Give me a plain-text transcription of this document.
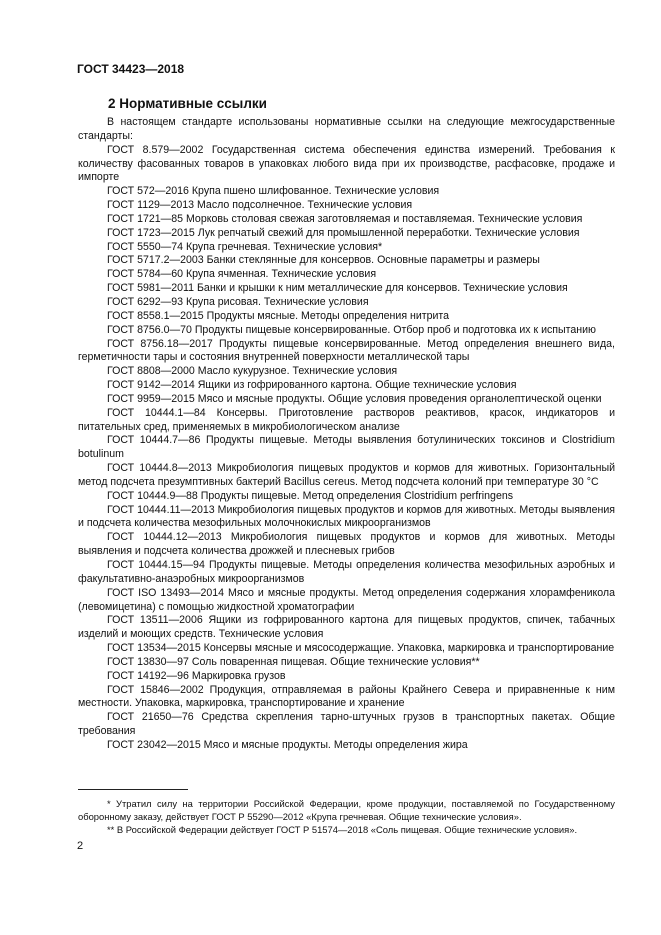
ГОСТ 34423—2018
2 Нормативные ссылки

В настоящем стандарте использованы нормативные ссылки на следующие межгосударственные стандарты:

ГОСТ 8.579—2002 Государственная система обеспечения единства измерений. Требования к количеству фасованных товаров в упаковках любого вида при их производстве, расфасовке, продаже и импорте

ГОСТ 572—2016 Крупа пшено шлифованное. Технические условия

ГОСТ 1129—2013 Масло подсолнечное. Технические условия

ГОСТ 1721—85 Морковь столовая свежая заготовляемая и поставляемая. Технические условия

ГОСТ 1723—2015 Лук репчатый свежий для промышленной переработки. Технические условия

ГОСТ 5550—74 Крупа гречневая. Технические условия*

ГОСТ 5717.2—2003 Банки стеклянные для консервов. Основные параметры и размеры

ГОСТ 5784—60 Крупа ячменная. Технические условия

ГОСТ 5981—2011 Банки и крышки к ним металлические для консервов. Технические условия

ГОСТ 6292—93 Крупа рисовая. Технические условия

ГОСТ 8558.1—2015 Продукты мясные. Методы определения нитрита

ГОСТ 8756.0—70 Продукты пищевые консервированные. Отбор проб и подготовка их к испытанию

ГОСТ 8756.18—2017 Продукты пищевые консервированные. Метод определения внешнего вида, герметичности тары и состояния внутренней поверхности металлической тары

ГОСТ 8808—2000 Масло кукурузное. Технические условия

ГОСТ 9142—2014 Ящики из гофрированного картона. Общие технические условия

ГОСТ 9959—2015 Мясо и мясные продукты. Общие условия проведения органолептической оценки

ГОСТ 10444.1—84 Консервы. Приготовление растворов реактивов, красок, индикаторов и питательных сред, применяемых в микробиологическом анализе

ГОСТ 10444.7—86 Продукты пищевые. Методы выявления ботулинических токсинов и Clostridium botulinum

ГОСТ 10444.8—2013 Микробиология пищевых продуктов и кормов для животных. Горизонтальный метод подсчета презумптивных бактерий Bacillus cereus. Метод подсчета колоний при температуре 30 °С

ГОСТ 10444.9—88 Продукты пищевые. Метод определения Clostridium perfringens

ГОСТ 10444.11—2013 Микробиология пищевых продуктов и кормов для животных. Методы выявления и подсчета количества мезофильных молочнокислых микроорганизмов

ГОСТ 10444.12—2013 Микробиология пищевых продуктов и кормов для животных. Методы выявления и подсчета количества дрожжей и плесневых грибов

ГОСТ 10444.15—94 Продукты пищевые. Методы определения количества мезофильных аэробных и факультативно-анаэробных микроорганизмов

ГОСТ ISO 13493—2014 Мясо и мясные продукты. Метод определения содержания хлорамфеникола (левомицетина) с помощью жидкостной хроматографии

ГОСТ 13511—2006 Ящики из гофрированного картона для пищевых продуктов, спичек, табачных изделий и моющих средств. Технические условия

ГОСТ 13534—2015 Консервы мясные и мясосодержащие. Упаковка, маркировка и транспортирование

ГОСТ 13830—97 Соль поваренная пищевая. Общие технические условия**

ГОСТ 14192—96 Маркировка грузов

ГОСТ 15846—2002 Продукция, отправляемая в районы Крайнего Севера и приравненные к ним местности. Упаковка, маркировка, транспортирование и хранение

ГОСТ 21650—76 Средства скрепления тарно-штучных грузов в транспортных пакетах. Общие требования

ГОСТ 23042—2015 Мясо и мясные продукты. Методы определения жира

* Утратил силу на территории Российской Федерации, кроме продукции, поставляемой по Государственному оборонному заказу, действует ГОСТ Р 55290—2012 «Крупа гречневая. Общие технические условия».

** В Российской Федерации действует ГОСТ Р 51574—2018 «Соль пищевая. Общие технические условия».

2
